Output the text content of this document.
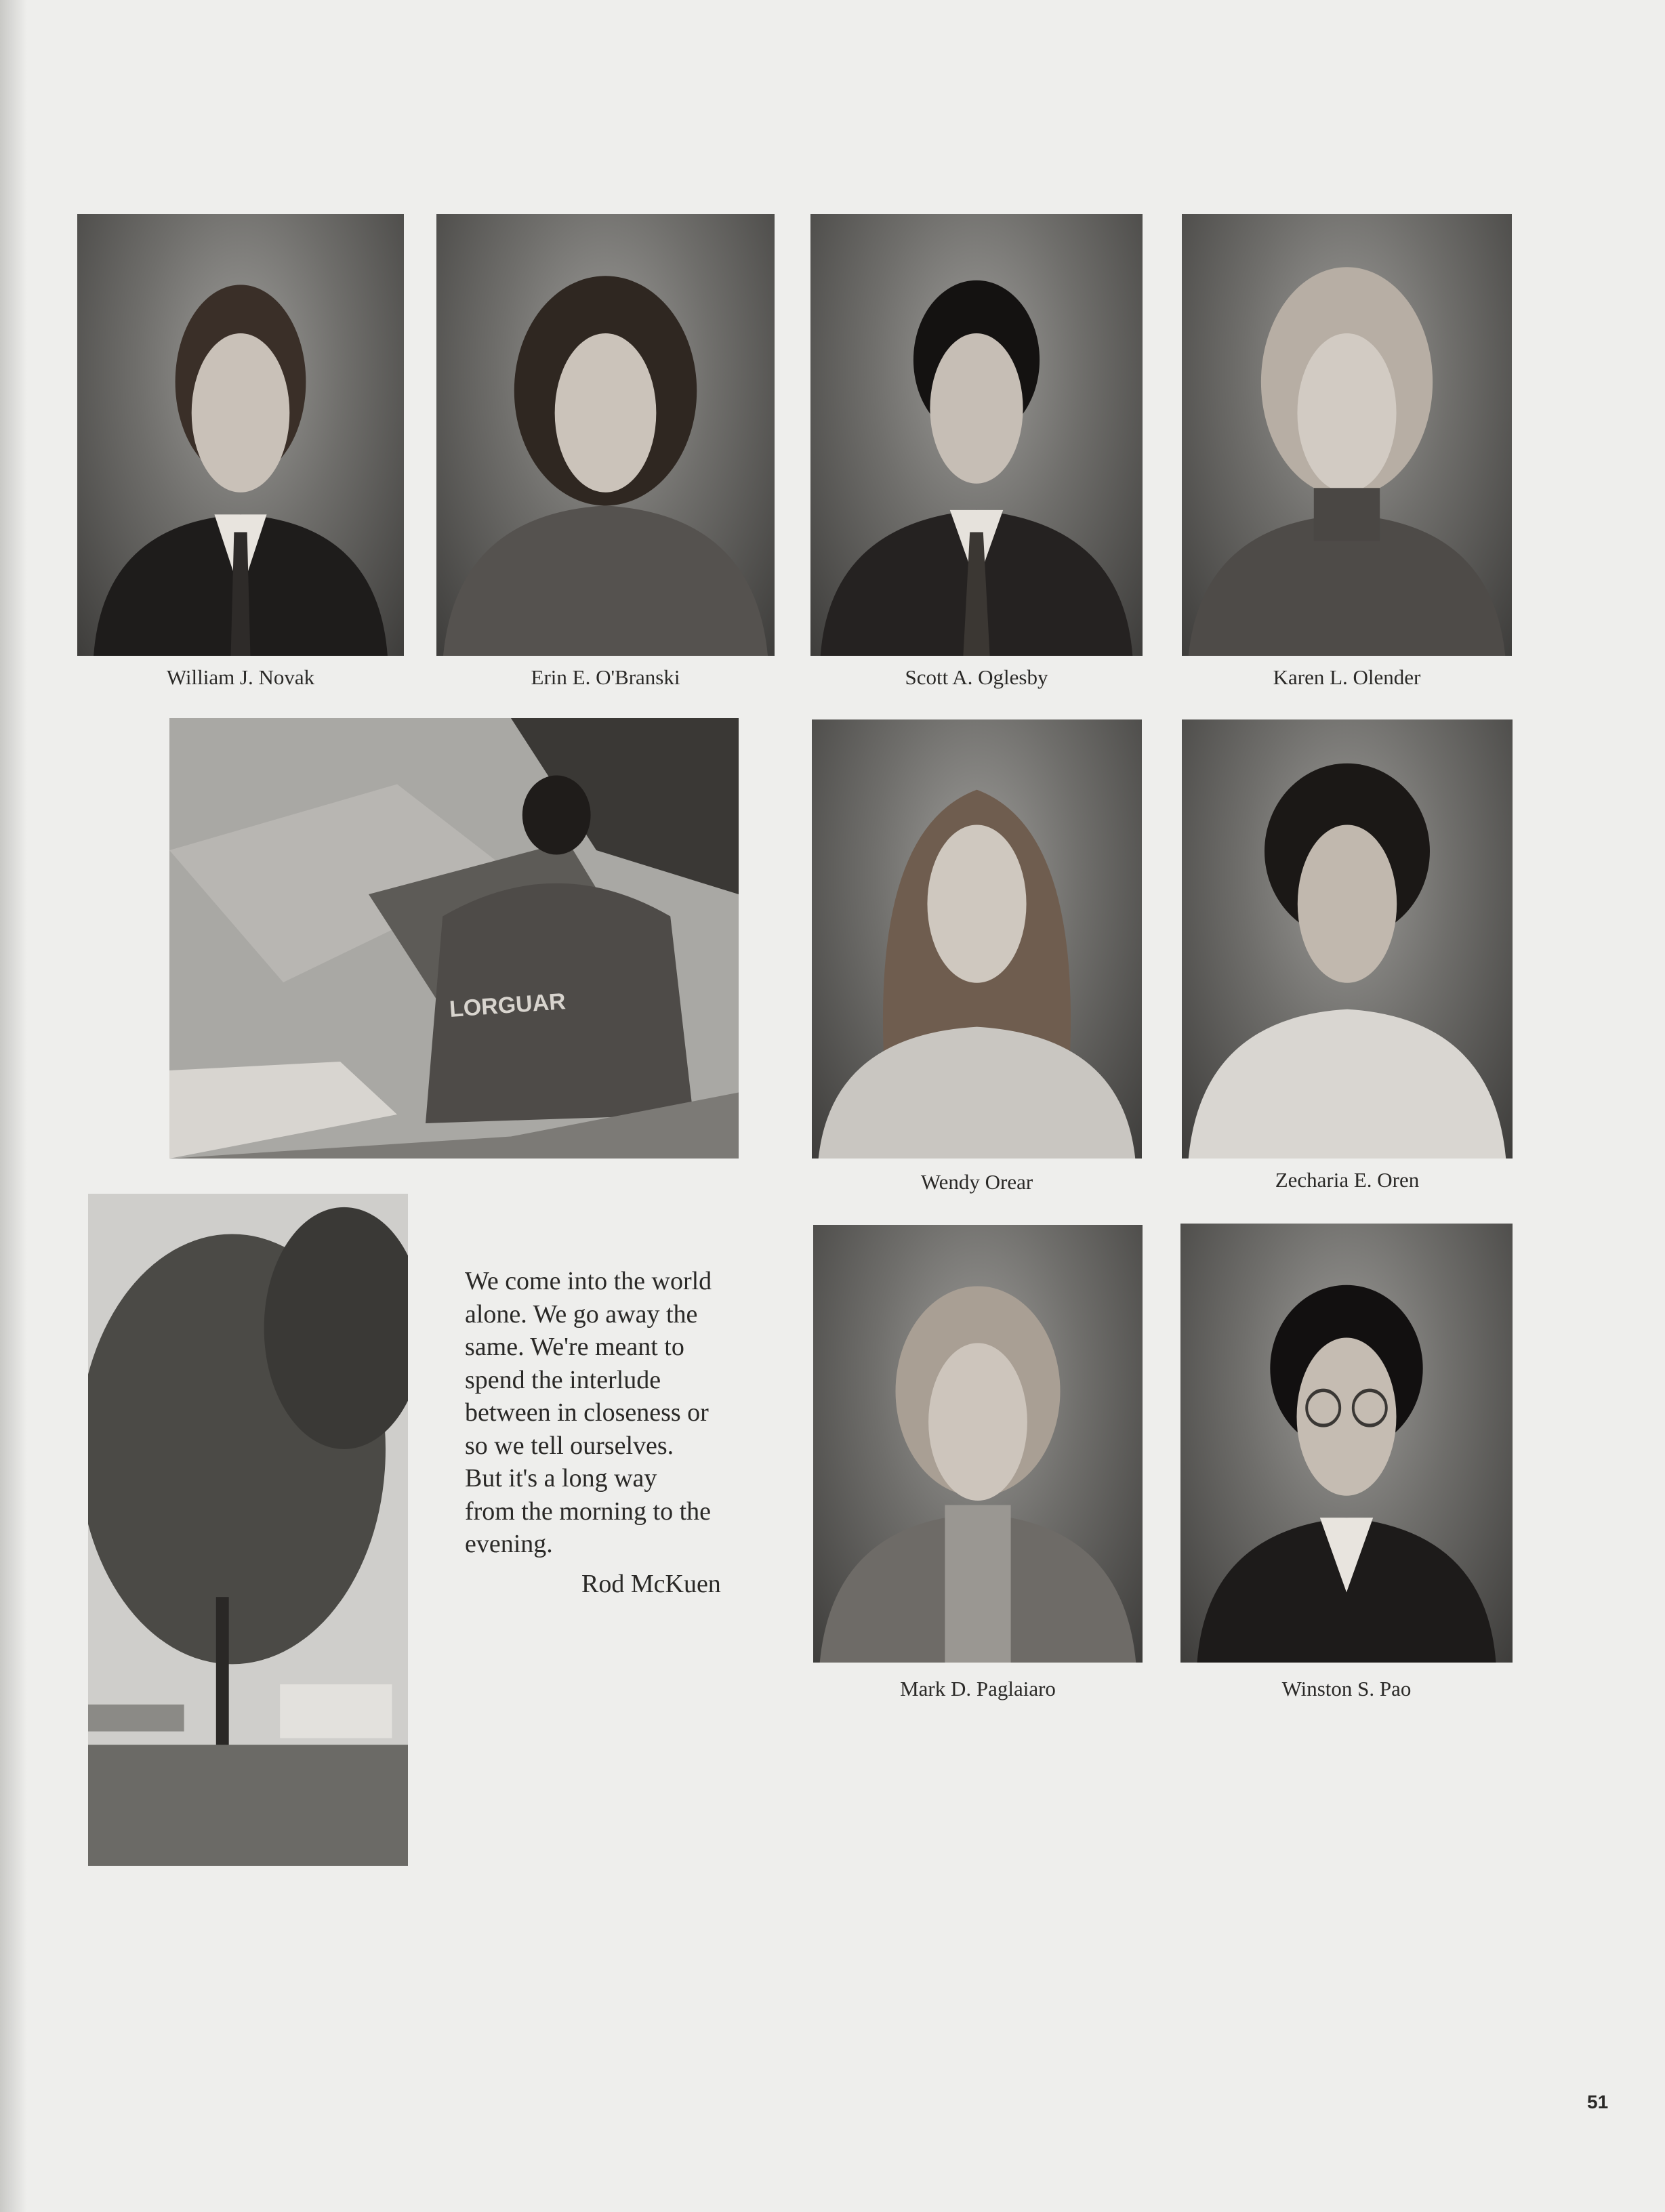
William J. Novak	Erin E. O'Branski	Scott A. Oglesby	Karen L. Olender
LORGUAR
Wendy Orear	Zecharia E. Oren
We come into the world
alone. We go away the
same. We're meant to
spend the interlude
between in closeness or
so we tell ourselves.
But it's a long way
from the morning to the
evening.
Rod McKuen
Mark D. Paglaiaro	Winston S. Pao
51
